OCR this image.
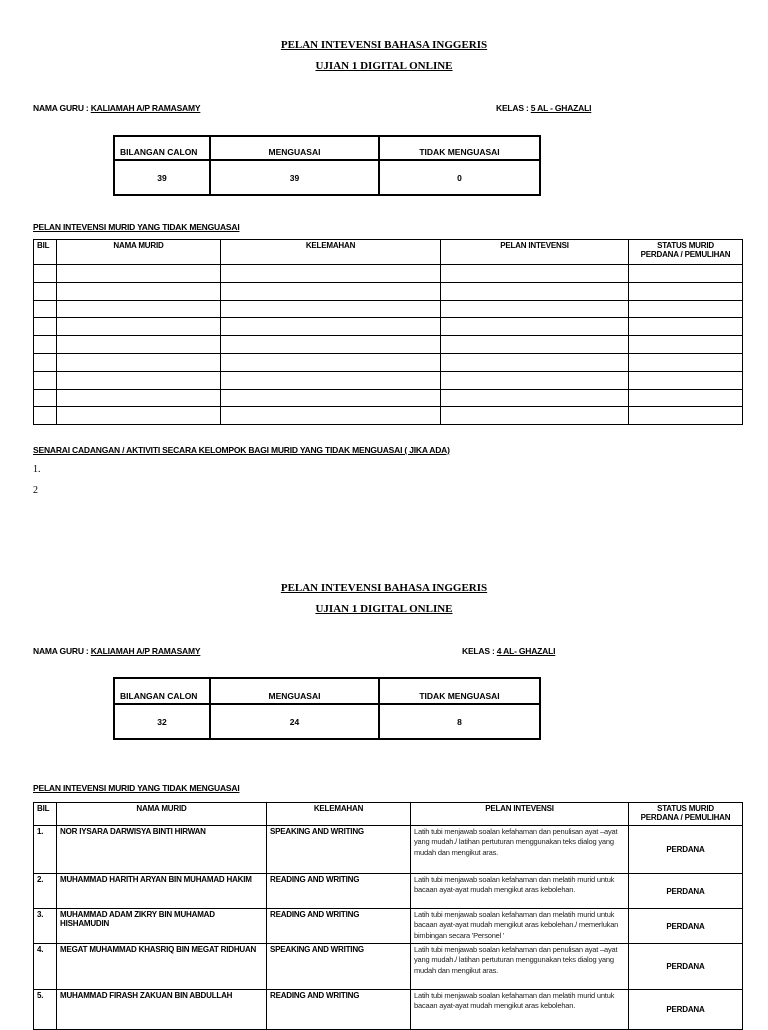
PELAN INTEVENSI BAHASA INGGERIS
UJIAN 1 DIGITAL ONLINE
NAMA GURU : KALIAMAH A/P RAMASAMY	KELAS : 5 AL - GHAZALI
BILANGAN CALON	MENGUASAI	TIDAK MENGUASAI
39	39	0
PELAN INTEVENSI MURID YANG TIDAK MENGUASAI
BIL	NAMA MURID	KELEMAHAN	PELAN INTEVENSI	STATUS MURID
PERDANA / PEMULIHAN

SENARAI CADANGAN / AKTIVITI SECARA KELOMPOK BAGI MURID YANG TIDAK MENGUASAI ( JIKA ADA)
1.
2
PELAN INTEVENSI BAHASA INGGERIS
UJIAN 1 DIGITAL ONLINE
NAMA GURU : KALIAMAH A/P RAMASAMY	KELAS : 4 AL- GHAZALI
BILANGAN CALON	MENGUASAI	TIDAK MENGUASAI
32	24	8
PELAN INTEVENSI MURID YANG TIDAK MENGUASAI
BIL	NAMA MURID	KELEMAHAN	PELAN INTEVENSI	STATUS MURID
PERDANA / PEMULIHAN
1.	NOR IYSARA DARWISYA BINTI HIRWAN	SPEAKING AND WRITING	Latih tubi menjawab soalan kefahaman dan penulisan ayat –ayat yang mudah./ latihan pertuturan menggunakan teks dialog yang mudah dan mengikut aras.	PERDANA
2.	MUHAMMAD HARITH ARYAN BIN MUHAMAD HAKIM	READING AND WRITING	Latih tubi menjawab soalan kefahaman dan melatih murid untuk bacaan ayat-ayat mudah mengikut aras kebolehan.	PERDANA
3.	MUHAMMAD ADAM ZIKRY BIN MUHAMAD HISHAMUDIN	READING AND WRITING	Latih tubi menjawab soalan kefahaman dan melatih murid untuk bacaan ayat-ayat mudah mengikut aras kebolehan./ memerlukan bimbingan secara 'Personel '	PERDANA
4.	MEGAT MUHAMMAD KHASRIQ BIN MEGAT RIDHUAN	SPEAKING AND WRITING	Latih tubi menjawab soalan kefahaman dan penulisan ayat –ayat yang mudah./ latihan pertuturan menggunakan teks dialog yang mudah dan mengikut aras.	PERDANA
5.	MUHAMMAD FIRASH ZAKUAN BIN ABDULLAH	READING AND WRITING	Latih tubi menjawab soalan kefahaman dan melatih murid untuk bacaan ayat-ayat mudah mengikut aras kebolehan.	PERDANA
